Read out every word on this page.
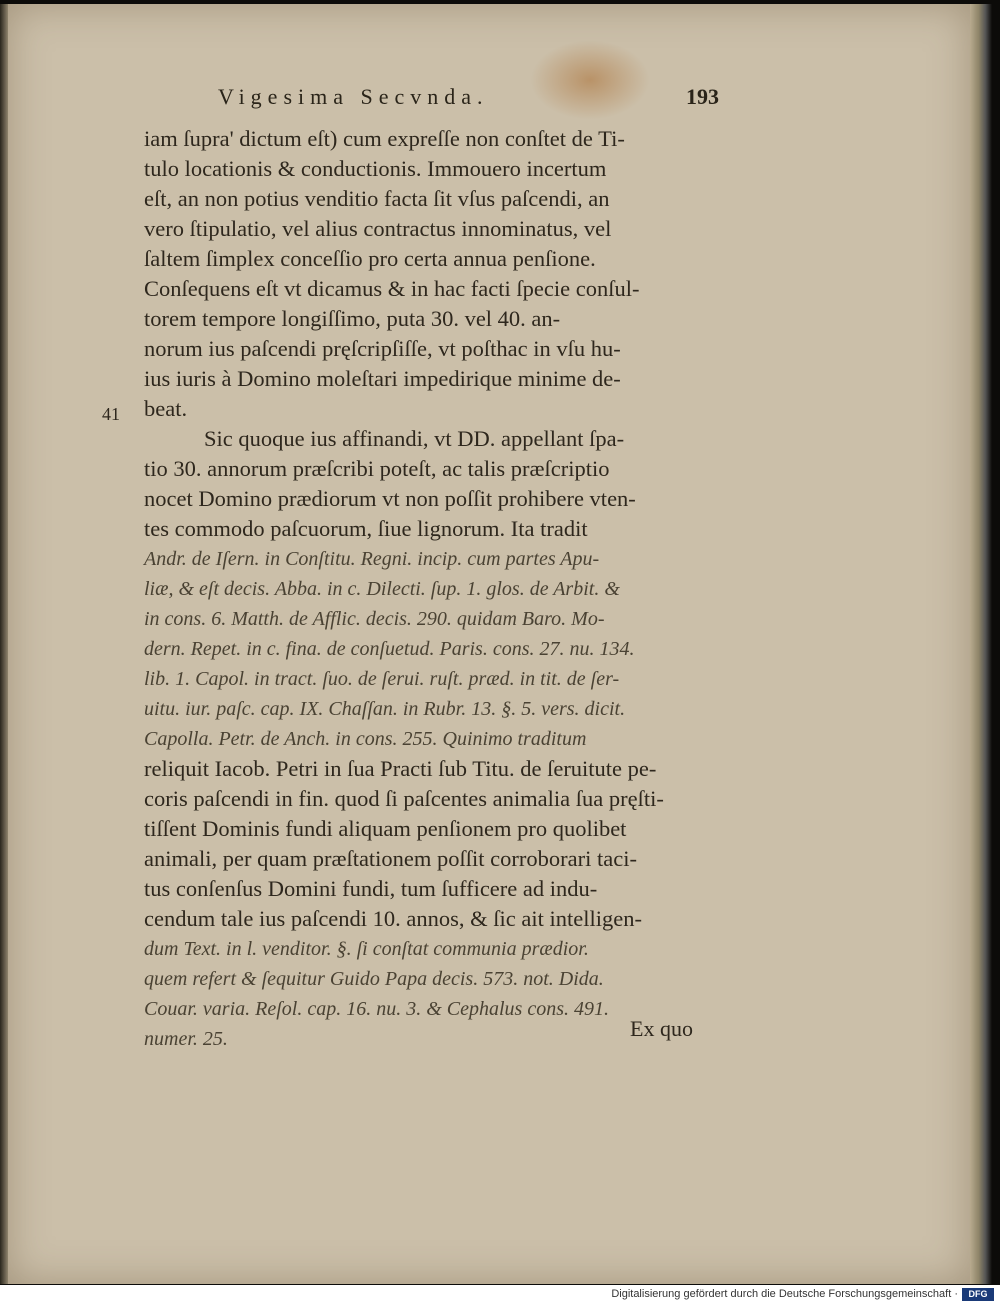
Vigesima Secvnda.	193
41
iam ſupra' dictum eſt) cum expreſſe non conſtet de Ti-
tulo locationis & conductionis. Immouero incertum
eſt, an non potius venditio facta ſit vſus paſcendi, an
vero ſtipulatio, vel alius contractus innominatus, vel
ſaltem ſimplex conceſſio pro certa annua penſione.
Conſequens eſt vt dicamus & in hac facti ſpecie conſul-
torem tempore longiſſimo, puta 30. vel 40. an-
norum ius paſcendi pręſcripſiſſe, vt poſthac in vſu hu-
ius iuris à Domino moleſtari impedirique minime de-
beat.
Sic quoque ius affinandi, vt DD. appellant ſpa-
tio 30. annorum præſcribi poteſt, ac talis præſcriptio
nocet Domino prædiorum vt non poſſit prohibere vten-
tes commodo paſcuorum, ſiue lignorum. Ita tradit
Andr. de Iſern. in Conſtitu. Regni. incip. cum partes Apu-
liæ, & eſt decis. Abba. in c. Dilecti. ſup. 1. glos. de Arbit. &
in cons. 6. Matth. de Afflic. decis. 290. quidam Baro. Mo-
dern. Repet. in c. fina. de conſuetud. Paris. cons. 27. nu. 134.
lib. 1. Capol. in tract. ſuo. de ſerui. ruſt. præd. in tit. de ſer-
uitu. iur. paſc. cap. IX. Chaſſan. in Rubr. 13. §. 5. vers. dicit.
Capolla. Petr. de Anch. in cons. 255. Quinimo traditum
reliquit Iacob. Petri in ſua Practi ſub Titu. de ſeruitute pe-
coris paſcendi in fin. quod ſi paſcentes animalia ſua pręſti-
tiſſent Dominis fundi aliquam penſionem pro quolibet
animali, per quam præſtationem poſſit corroborari taci-
tus conſenſus Domini fundi, tum ſufficere ad indu-
cendum tale ius paſcendi 10. annos, & ſic ait intelligen-
dum Text. in l. venditor. §. ſi conſtat communia prædior.
quem refert & ſequitur Guido Papa decis. 573. not. Dida.
Couar. varia. Reſol. cap. 16. nu. 3. & Cephalus cons. 491.
numer. 25.	Ex quo
Digitalisierung gefördert durch die Deutsche Forschungsgemeinschaft ·	DFG
